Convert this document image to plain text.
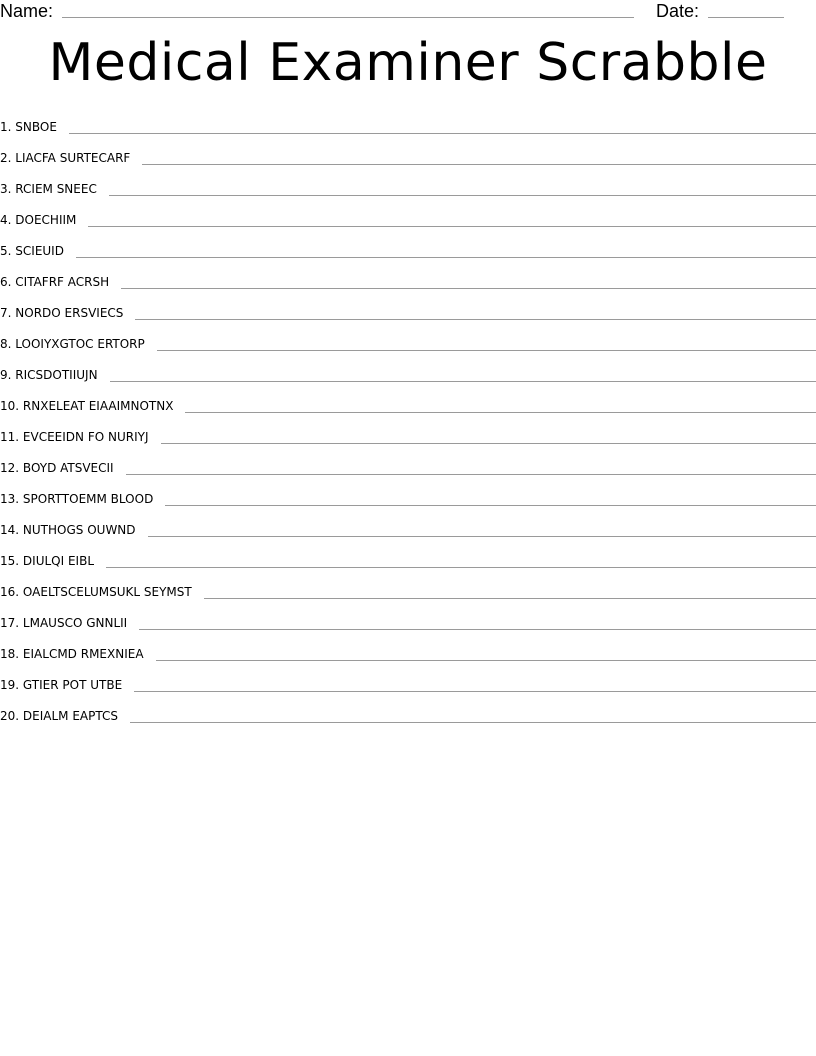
Name:	Date:
Medical Examiner Scrabble
1.
SNBOE
2.
LIACFA SURTECARF
3.
RCIEM SNEEC
4.
DOECHIIM
5.
SCIEUID
6.
CITAFRF ACRSH
7.
NORDO ERSVIECS
8.
LOOIYXGTOC ERTORP
9.
RICSDOTIIUJN
10.
RNXELEAT EIAAIMNOTNX
11.
EVCEEIDN FO NURIYJ
12.
BOYD ATSVECII
13.
SPORTTOEMM BLOOD
14.
NUTHOGS OUWND
15.
DIULQI EIBL
16.
OAELTSCELUMSUKL SEYMST
17.
LMAUSCO GNNLII
18.
EIALCMD RMEXNIEA
19.
GTIER POT UTBE
20.
DEIALM EAPTCS
